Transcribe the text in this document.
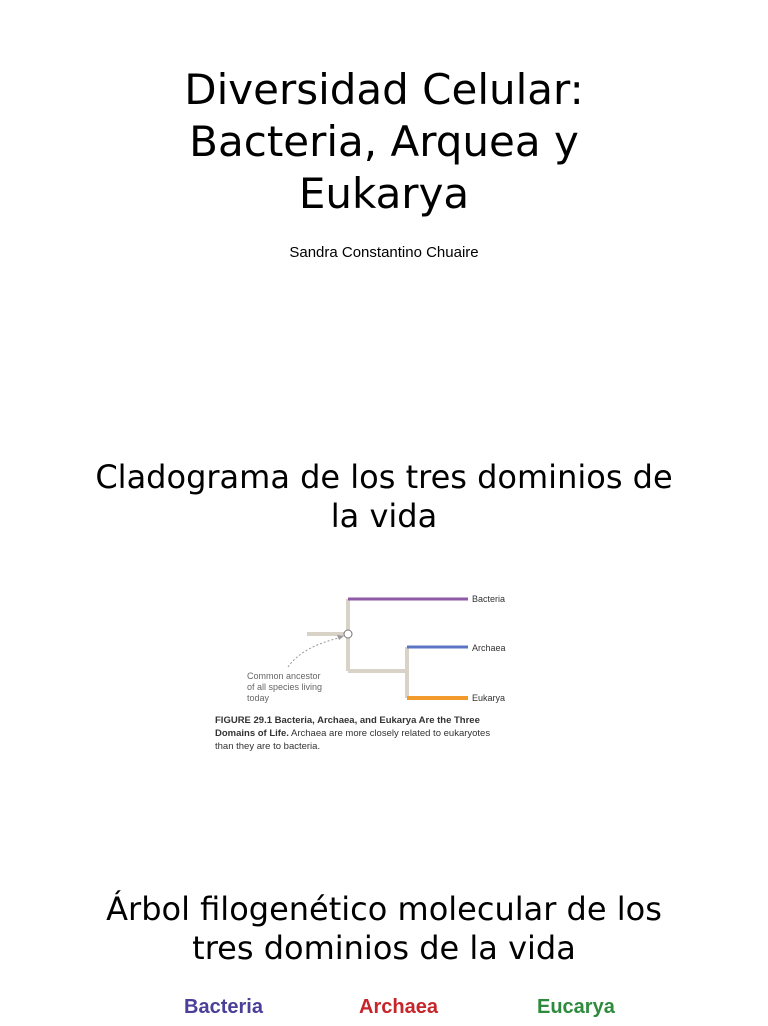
Diversidad Celular:
Bacteria, Arquea y
Eukarya
Sandra Constantino Chuaire
Cladograma de los tres dominios de
la vida
Bacteria
Archaea
Eukarya
Common ancestor
of all species living
today
FIGURE 29.1 Bacteria, Archaea, and Eukarya Are the Three
Domains of Life. Archaea are more closely related to eukaryotes
than they are to bacteria.
Árbol filogenético molecular de los
tres dominios de la vida
Bacteria	Archaea	Eucarya
